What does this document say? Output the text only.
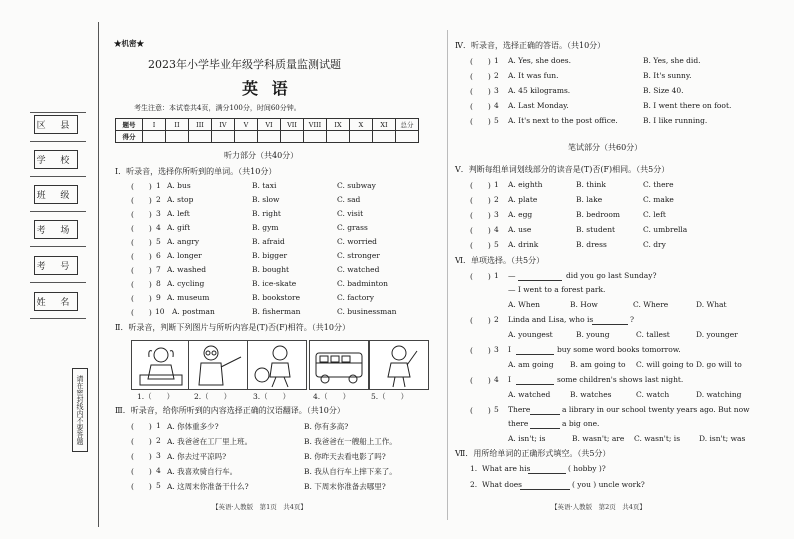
区 县
学 校
班 级
考 场
考 号
姓 名
请在密封线内不要答题
★机密★
2023年小学毕业年级学科质量监测试题
英 语
考生注意：本试卷共4页，满分100分，时间60分钟。
题号	I	II	III	IV	V	VI	VII	VIII	IX	X	XI	总分
得分												
听力部分（共40分）
Ⅰ．听录音，选择你所听到的单词。（共10分）
(　　) 1 A. bus	B. taxi	C. subway
(　　) 2 A. stop	B. slow	C. sad
(　　) 3 A. left	B. right	C. visit
(　　) 4 A. gift	B. gym	C. grass
(　　) 5 A. angry	B. afraid	C. worried
(　　) 6 A. longer	B. bigger	C. stronger
(　　) 7 A. washed	B. bought	C. watched
(　　) 8 A. cycling	B. ice-skate	C. badminton
(　　) 9 A. museum	B. bookstore	C. factory
(　　) 10 A. postman	B. fisherman	C. businessman
Ⅱ．听录音，判断下列图片与所听内容是(T)否(F)相符。（共10分）
1.（　　）	2.（　　）	3.（　　）	4.（　　）	5.（　　）
Ⅲ．听录音，给你所听到的内容选择正确的汉语翻译。（共10分）
(　　) 1 A. 你体重多少?	B. 你有多高?
(　　) 2 A. 我爸爸在工厂里上班。	B. 我爸爸在一艘船上工作。
(　　) 3 A. 你去过平凉吗?	B. 你昨天去看电影了吗?
(　　) 4 A. 我喜欢骑自行车。	B. 我从自行车上摔下来了。
(　　) 5 A. 这周末你准备干什么?	B. 下周末你准备去哪里?
【英语·人教版　第1页　共4页】
Ⅳ．听录音，选择正确的答语。（共10分）
(　　) 1 A. Yes, she does.	B. Yes, she did.
(　　) 2 A. It was fun.	B. It's sunny.
(　　) 3 A. 45 kilograms.	B. Size 40.
(　　) 4 A. Last Monday.	B. I went there on foot.
(　　) 5 A. It's next to the post office.	B. I like running.
笔试部分（共60分）
Ⅴ．判断每组单词划线部分的读音是(T)否(F)相同。（共5分）
(　　) 1 A. eighth	B. think	C. there
(　　) 2 A. plate	B. lake	C. make
(　　) 3 A. egg	B. bedroom	C. left
(　　) 4 A. use	B. student	C. umbrella
(　　) 5 A. drink	B. dress	C. dry
Ⅵ．单项选择。（共5分）
(　　) 1 —	did you go last Sunday?
— I went to a forest park.
A. When	B. How	C. Where	D. What
(　　) 2 Linda and Lisa, who is	?
A. youngest	B. young	C. tallest	D. younger
(　　) 3 I	buy some word books tomorrow.
A. am going B. am going to C. will going to D. go will to
(　　) 4 I	some children's shows last night.
A. watched	B. watches	C. watch	D. watching
(　　) 5 There	a library in our school twenty years ago. But now
there	a big one.
A. isn't; is	B. wasn't; are C. wasn't; is	D. isn't; was
Ⅶ．用所给单词的正确形式填空。（共5分）
1. What are his	( hobby )?
2. What does	( you ) uncle work?
【英语·人教版　第2页　共4页】
